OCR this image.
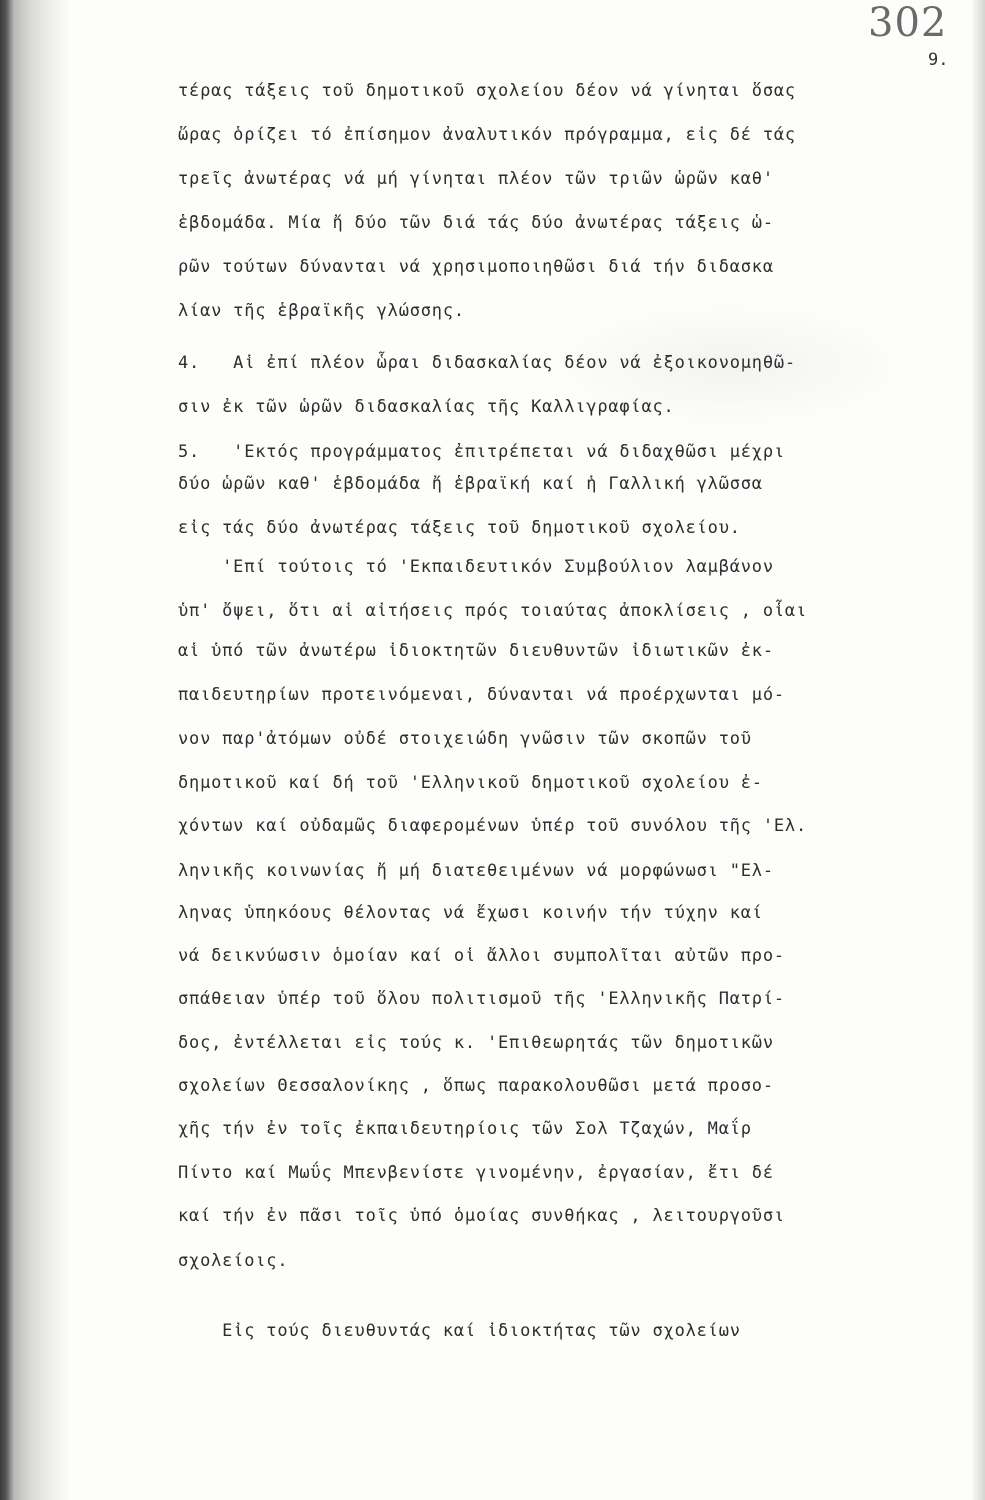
302
9.
τέρας τάξεις τοῦ δημοτικοῦ σχολείου δέον νά γίνηται ὅσας
ὥρας ὁρίζει τό ἐπίσημον ἀναλυτικόν πρόγραμμα, εἰς δέ τάς
τρεῖς ἀνωτέρας νά μή γίνηται πλέον τῶν τριῶν ὡρῶν καθ'
ἑβδομάδα. Μία ἤ δύο τῶν διά τάς δύο ἀνωτέρας τάξεις ὡ-
ρῶν τούτων δύνανται νά χρησιμοποιηθῶσι διά τήν διδασκα
λίαν τῆς ἑβραϊκῆς γλώσσης.
4.   Αἱ ἐπί πλέον ὧραι διδασκαλίας δέον νά ἐξοικονομηθῶ-
σιν ἐκ τῶν ὡρῶν διδασκαλίας τῆς Καλλιγραφίας.
5.   'Εκτός προγράμματος ἐπιτρέπεται νά διδαχθῶσι μέχρι
δύο ὡρῶν καθ' ἑβδομάδα ἤ ἑβραϊκή καί ἡ Γαλλική γλῶσσα
εἰς τάς δύο ἀνωτέρας τάξεις τοῦ δημοτικοῦ σχολείου.
'Επί τούτοις τό 'Εκπαιδευτικόν Συμβούλιον λαμβάνον
ὑπ' ὄψει, ὅτι αἱ αἰτήσεις πρός τοιαύτας ἀποκλίσεις , οἷαι
αἱ ὑπό τῶν ἀνωτέρω ἰδιοκτητῶν διευθυντῶν ἰδιωτικῶν ἐκ-
παιδευτηρίων προτεινόμεναι, δύνανται νά προέρχωνται μό-
νον παρ'ἀτόμων οὐδέ στοιχειώδη γνῶσιν τῶν σκοπῶν τοῦ
δημοτικοῦ καί δή τοῦ 'Ελληνικοῦ δημοτικοῦ σχολείου ἐ-
χόντων καί οὐδαμῶς διαφερομένων ὑπέρ τοῦ συνόλου τῆς 'Ελ.
ληνικῆς κοινωνίας ἤ μή διατεθειμένων νά μορφώνωσι "Ελ-
ληνας ὑπηκόους θέλοντας νά ἔχωσι κοινήν τήν τύχην καί
νά δεικνύωσιν ὁμοίαν καί οἱ ἄλλοι συμπολῖται αὐτῶν προ-
σπάθειαν ὑπέρ τοῦ ὅλου πολιτισμοῦ τῆς 'Ελληνικῆς Πατρί-
δος, ἐντέλλεται εἰς τούς κ. 'Επιθεωρητάς τῶν δημοτικῶν
σχολείων Θεσσαλονίκης , ὅπως παρακολουθῶσι μετά προσο-
χῆς τήν ἐν τοῖς ἐκπαιδευτηρίοις τῶν Σολ Τζαχών, Μαΐρ
Πίντο καί Μωΰς Μπενβενίστε γινομένην, ἐργασίαν, ἔτι δέ
καί τήν ἐν πᾶσι τοῖς ὑπό ὁμοίας συνθήκας , λειτουργοῦσι
σχολείοις.
Εἰς τούς διευθυντάς καί ἰδιοκτήτας τῶν σχολείων
